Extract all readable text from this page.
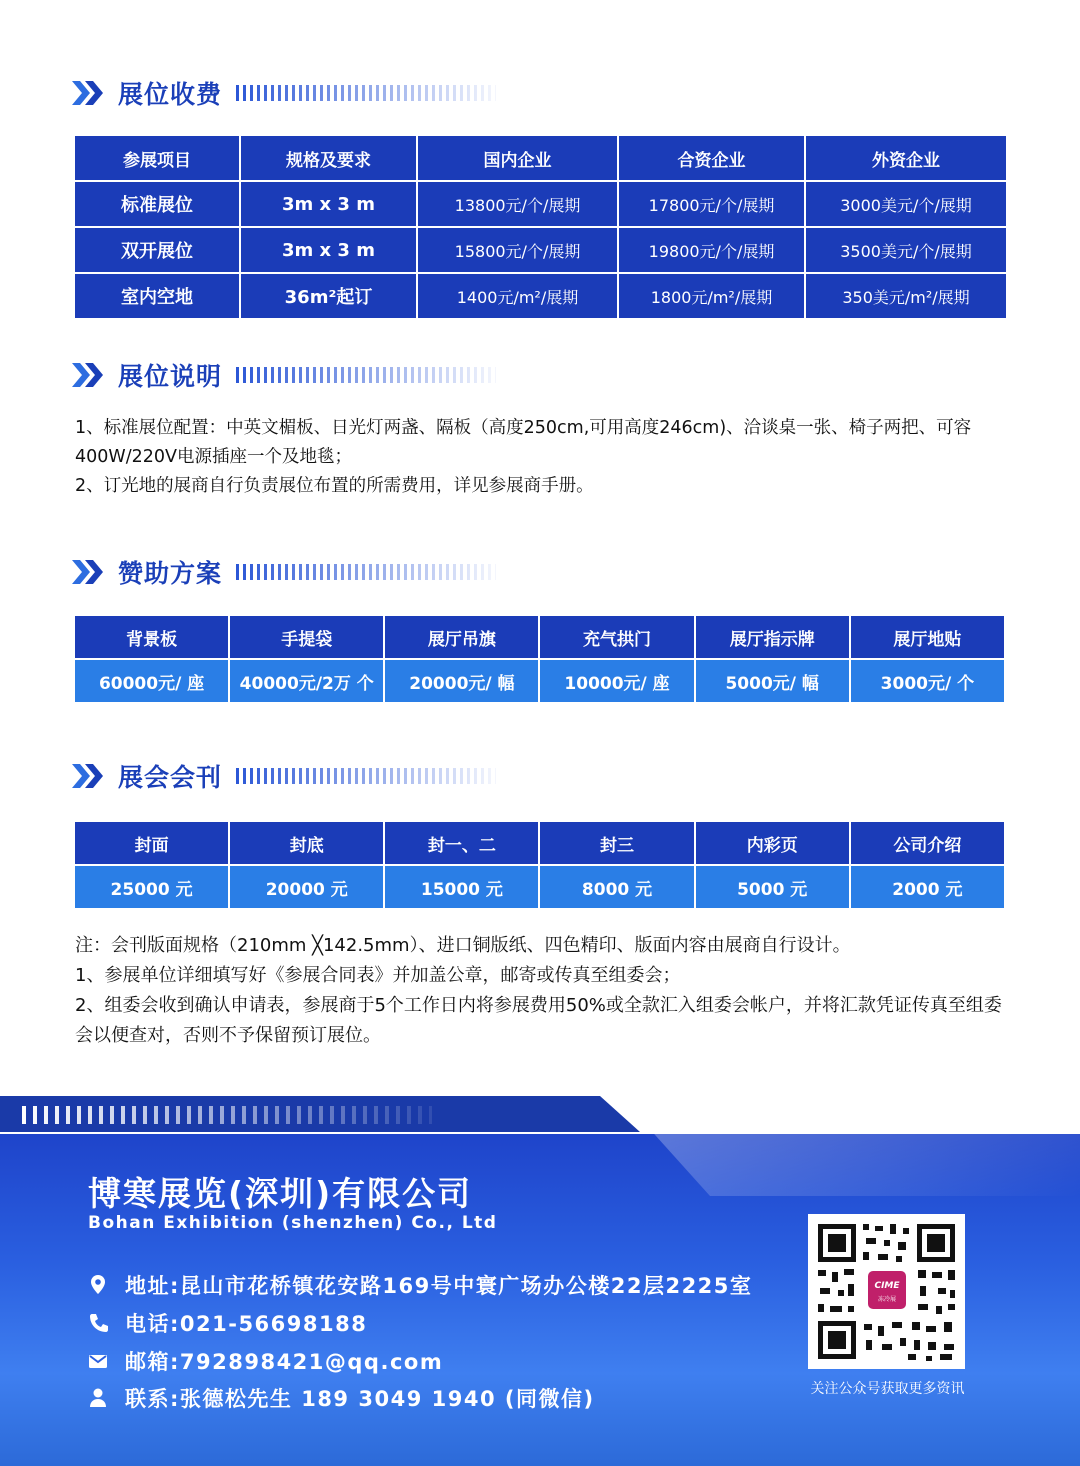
展位收费
参展项目	规格及要求	国内企业	合资企业	外资企业
标准展位	3m x 3 m	13800元/个/展期	17800元/个/展期	3000美元/个/展期
双开展位	3m x 3 m	15800元/个/展期	19800元/个/展期	3500美元/个/展期
室内空地	36m²起订	1400元/m²/展期	1800元/m²/展期	350美元/m²/展期
展位说明
1、标准展位配置：中英文楣板、日光灯两盏、隔板（高度250cm,可用高度246cm)、洽谈桌一张、椅子两把、可容400W/220V电源插座一个及地毯；
2、订光地的展商自行负责展位布置的所需费用，详见参展商手册。
赞助方案
背景板	手提袋	展厅吊旗	充气拱门	展厅指示牌	展厅地贴
60000元/ 座	40000元/2万 个	20000元/ 幅	10000元/ 座	5000元/ 幅	3000元/ 个
展会会刊
封面	封底	封一、二	封三	内彩页	公司介绍
25000 元	20000 元	15000 元	8000 元	5000 元	2000 元
注：会刊版面规格（210mm ╳142.5mm）、进口铜版纸、四色精印、版面内容由展商自行设计。
1、参展单位详细填写好《参展合同表》并加盖公章，邮寄或传真至组委会；
2、组委会收到确认申请表，参展商于5个工作日内将参展费用50%或全款汇入组委会帐户，并将汇款凭证传真至组委会以便查对，否则不予保留预订展位。
博寒展览(深圳)有限公司
Bohan Exhibition (shenzhen) Co., Ltd
地址:昆山市花桥镇花安路169号中寰广场办公楼22层2225室
电话:021-56698188
邮箱:792898421@qq.com
联系:张德松先生 189 3049 1940 (同微信)
CIME
冻冷展
关注公众号获取更多资讯
